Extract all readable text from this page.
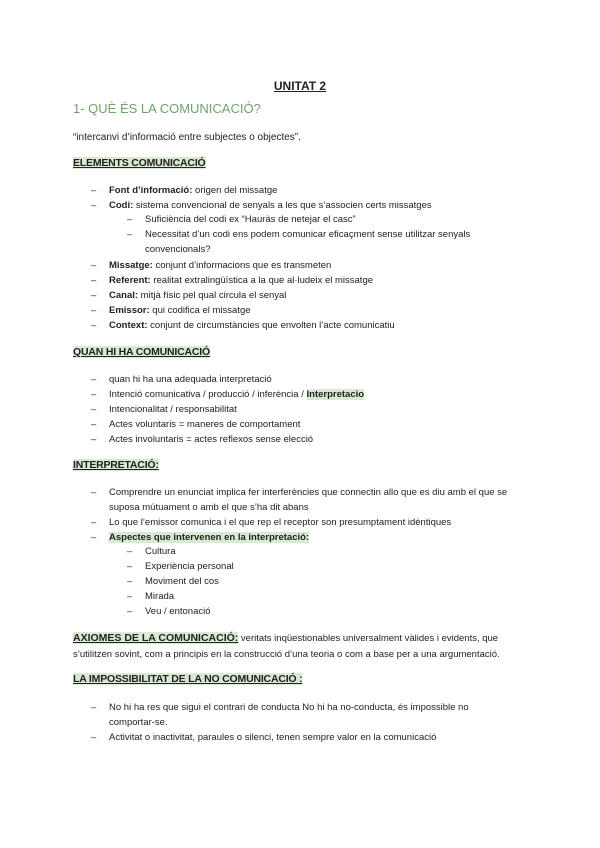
UNITAT 2
1- QUÈ ÉS LA COMUNICACIÓ?
“intercanvi d’informació entre subjectes o objectes”.
ELEMENTS COMUNICACIÓ
– Font d’informació: origen del missatge
– Codi: sistema convencional de senyals a les que s’associen certs missatges
– Suficiència del codi ex “Hauràs de netejar el casc”
– Necessitat d’un codi ens podem comunicar eficaçment sense utilitzar senyals
convencionals?
– Missatge: conjunt d’informacions que es transmeten
– Referent: realitat extralingüística a la que al·ludeix el missatge
– Canal: mitjà físic pel qual circula el senyal
– Emissor: qui codifica el missatge
– Context: conjunt de circumstàncies que envolten l’acte comunicatiu
QUAN HI HA COMUNICACIÓ
– quan hi ha una adequada interpretació
– Intenció comunicativa / producció / inferència / Interpretacio
– Intencionalitat / responsabilitat
– Actes voluntaris = maneres de comportament
– Actes involuntaris = actes reflexos sense elecció
INTERPRETACIÓ:
– Comprendre un enunciat implica fer interferències que connectin allo que es diu amb el que se
suposa mútuament o amb el que s’ha dit abans
– Lo que l’emissor comunica i el que rep el receptor son presumptament idèntiques
– Aspectes que intervenen en la interpretació:
– Cultura
– Experiència personal
– Moviment del cos
– Mirada
– Veu / entonació
AXIOMES DE LA COMUNICACIÓ: veritats inqüestionables universalment vàlides i evidents, que
s’utilitzen sovint, com a principis en la construcció d’una teoria o com a base per a una argumentació.
LA IMPOSSIBILITAT DE LA NO COMUNICACIÓ :
– No hi ha res que sigui el contrari de conducta No hi ha no-conducta, és impossible no
comportar-se.
– Activitat o inactivitat, paraules o silenci, tenen sempre valor en la comunicació
